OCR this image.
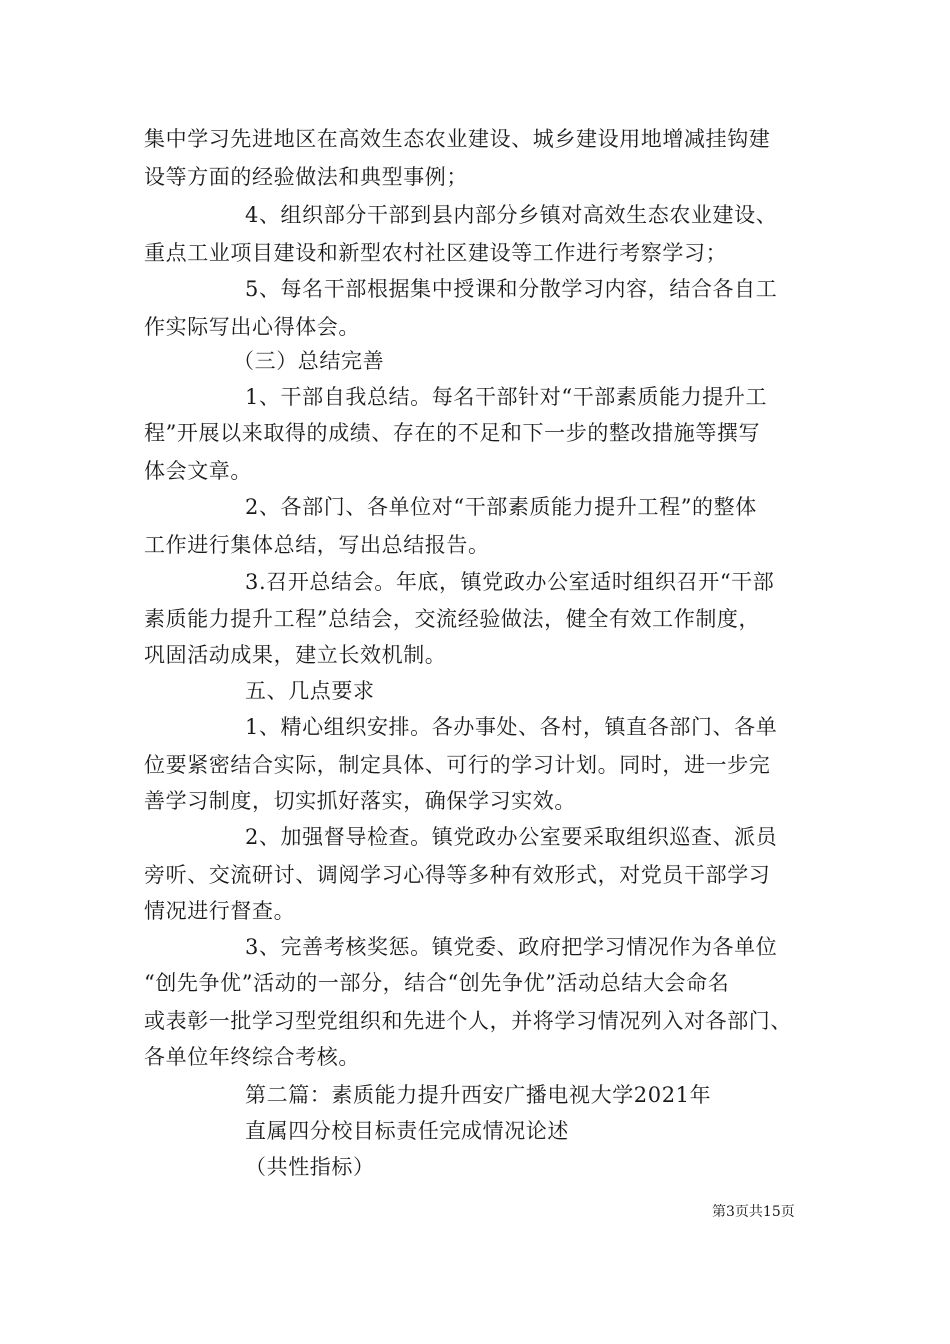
集中学习先进地区在高效生态农业建设、城乡建设用地增减挂钩建
设等方面的经验做法和典型事例；
4、组织部分干部到县内部分乡镇对高效生态农业建设、
重点工业项目建设和新型农村社区建设等工作进行考察学习；
5、每名干部根据集中授课和分散学习内容，结合各自工
作实际写出心得体会。
（三）总结完善
1、干部自我总结。每名干部针对“干部素质能力提升工
程”开展以来取得的成绩、存在的不足和下一步的整改措施等撰写
体会文章。
2、各部门、各单位对“干部素质能力提升工程”的整体
工作进行集体总结，写出总结报告。
3.召开总结会。年底，镇党政办公室适时组织召开“干部
素质能力提升工程”总结会，交流经验做法，健全有效工作制度，
巩固活动成果，建立长效机制。
五、几点要求
1、精心组织安排。各办事处、各村，镇直各部门、各单
位要紧密结合实际，制定具体、可行的学习计划。同时，进一步完
善学习制度，切实抓好落实，确保学习实效。
2、加强督导检查。镇党政办公室要采取组织巡查、派员
旁听、交流研讨、调阅学习心得等多种有效形式，对党员干部学习
情况进行督查。
3、完善考核奖惩。镇党委、政府把学习情况作为各单位
“创先争优”活动的一部分，结合“创先争优”活动总结大会命名
或表彰一批学习型党组织和先进个人，并将学习情况列入对各部门、
各单位年终综合考核。
第二篇：素质能力提升西安广播电视大学2021年
直属四分校目标责任完成情况论述
（共性指标）
第3页共15页
